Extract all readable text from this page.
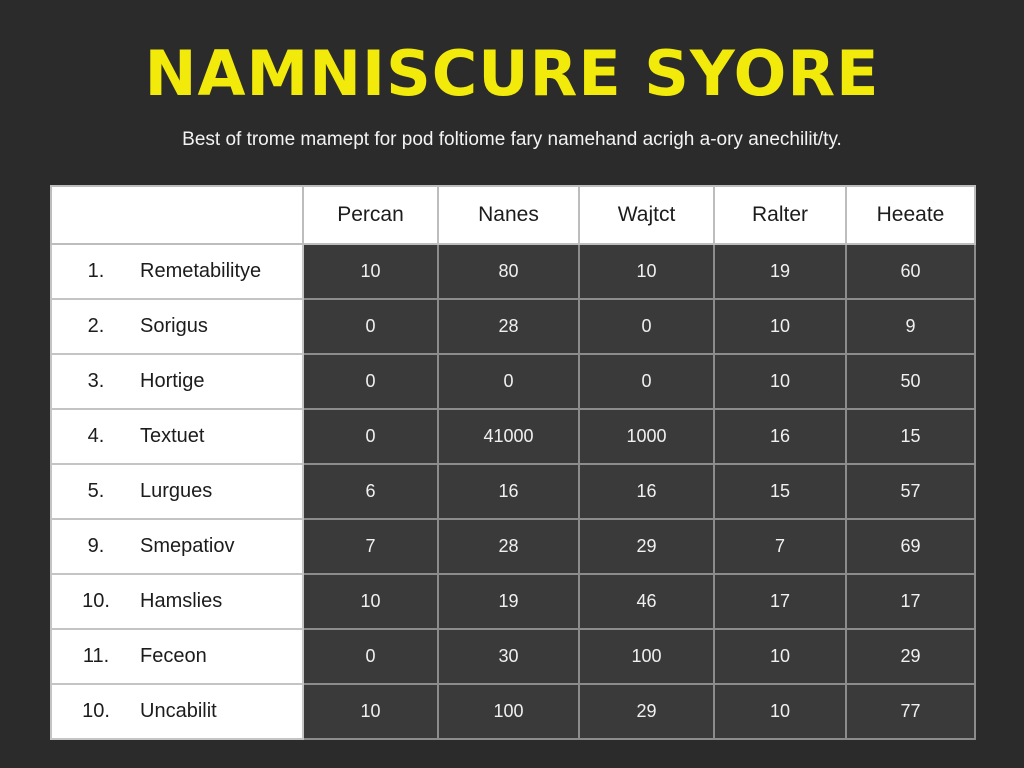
NAMNISCURE SYORE

Best of trome mamept for pod foltiome fary namehand acrigh a-ory anechilit/ty.

	Percan	Nanes	Wajtct	Ralter	Heeate

1. Remetabilitye	10	80	10	19	60

2. Sorigus	0	28	0	10	9

3. Hortige	0	0	0	10	50

4. Textuet	0	41000	1000	16	15

5. Lurgues	6	16	16	15	57

9. Smepatiov	7	28	29	7	69

10. Hamslies	10	19	46	17	17

11. Feceon	0	30	100	10	29

10. Uncabilit	10	100	29	10	77
